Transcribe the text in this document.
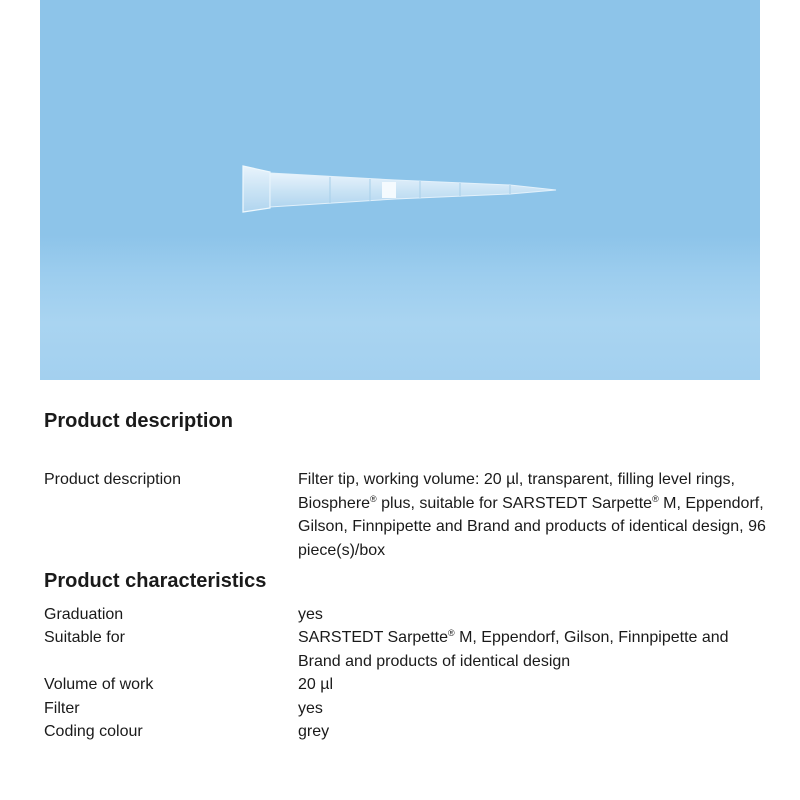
Product description
Product description	Filter tip, working volume: 20 µl, transparent, filling level rings, Biosphere® plus, suitable for SARSTEDT Sarpette® M, Eppendorf, Gilson, Finnpipette and Brand and products of identical design, 96 piece(s)/box
Product characteristics
Graduation	yes
Suitable for	SARSTEDT Sarpette® M, Eppendorf, Gilson, Finnpipette and Brand and products of identical design
Volume of work	20 µl
Filter	yes
Coding colour	grey
